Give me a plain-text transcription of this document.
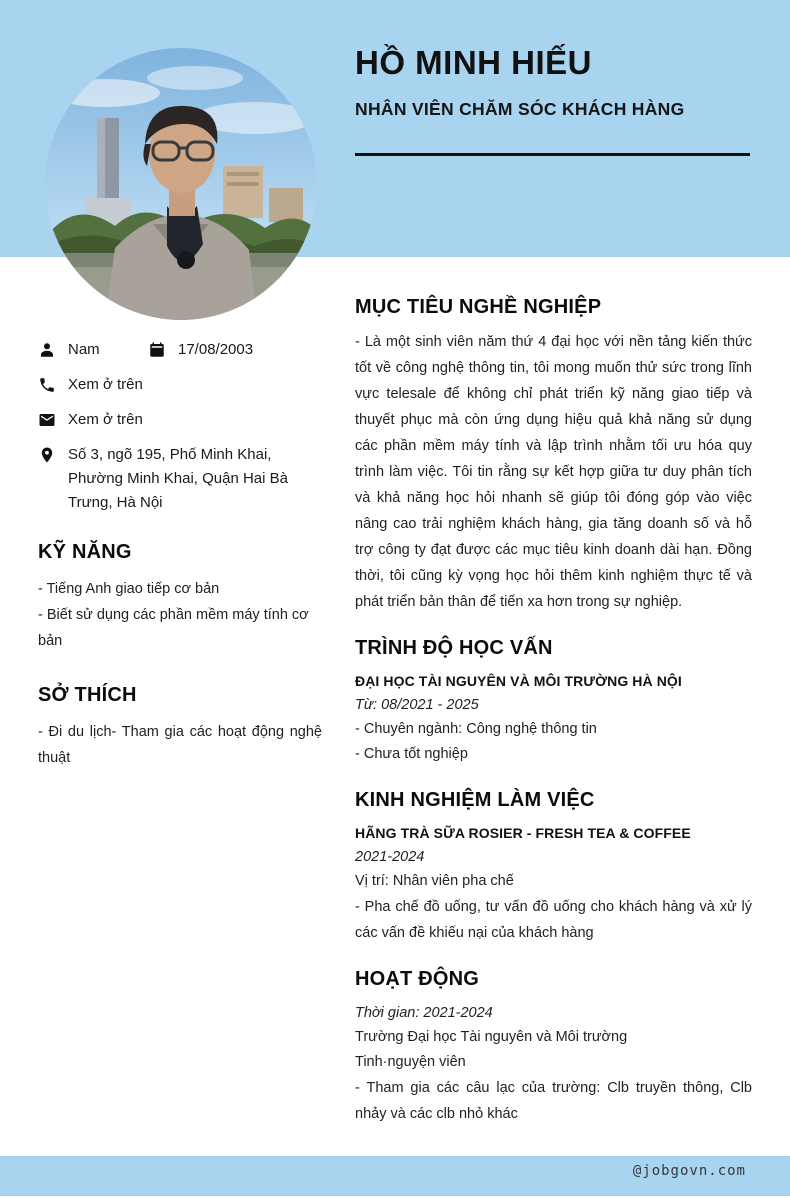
HỒ MINH HIẾU
NHÂN VIÊN CHĂM SÓC KHÁCH HÀNG
Nam	17/08/2003
Xem ở trên
Xem ở trên
Số 3, ngõ 195, Phố Minh Khai, Phường Minh Khai, Quận Hai Bà Trưng, Hà Nội
KỸ NĂNG
- Tiếng Anh giao tiếp cơ bản
- Biết sử dụng các phần mềm máy tính cơ bản
SỞ THÍCH
- Đi du lịch- Tham gia các hoạt động nghệ thuật
MỤC TIÊU NGHỀ NGHIỆP
- Là một sinh viên năm thứ 4 đại học với nền tảng kiến thức tốt về công nghệ thông tin, tôi mong muốn thử sức trong lĩnh vực telesale để không chỉ phát triển kỹ năng giao tiếp và thuyết phục mà còn ứng dụng hiệu quả khả năng sử dụng các phần mềm máy tính và lập trình nhằm tối ưu hóa quy trình làm việc. Tôi tin rằng sự kết hợp giữa tư duy phân tích và khả năng học hỏi nhanh sẽ giúp tôi đóng góp vào việc nâng cao trải nghiệm khách hàng, gia tăng doanh số và hỗ trợ công ty đạt được các mục tiêu kinh doanh dài hạn. Đồng thời, tôi cũng kỳ vọng học hỏi thêm kinh nghiệm thực tế và phát triển bản thân để tiến xa hơn trong sự nghiệp.
TRÌNH ĐỘ HỌC VẤN
ĐẠI HỌC TÀI NGUYÊN VÀ MÔI TRƯỜNG HÀ NỘI
Từ: 08/2021 - 2025
- Chuyên ngành: Công nghệ thông tin
- Chưa tốt nghiệp
KINH NGHIỆM LÀM VIỆC
HÃNG TRÀ SỮA ROSIER - FRESH TEA & COFFEE
2021-2024
Vị trí: Nhân viên pha chế
- Pha chế đồ uống, tư vấn đồ uống cho khách hàng và xử lý các vấn đề khiếu nại của khách hàng
HOẠT ĐỘNG
Thời gian: 2021-2024
Trường Đại học Tài nguyên và Môi trường
Tinh·nguyện viên
- Tham gia các câu lạc của trường: Clb truyền thông, Clb nhảy và các clb nhỏ khác
@jobgovn.com
